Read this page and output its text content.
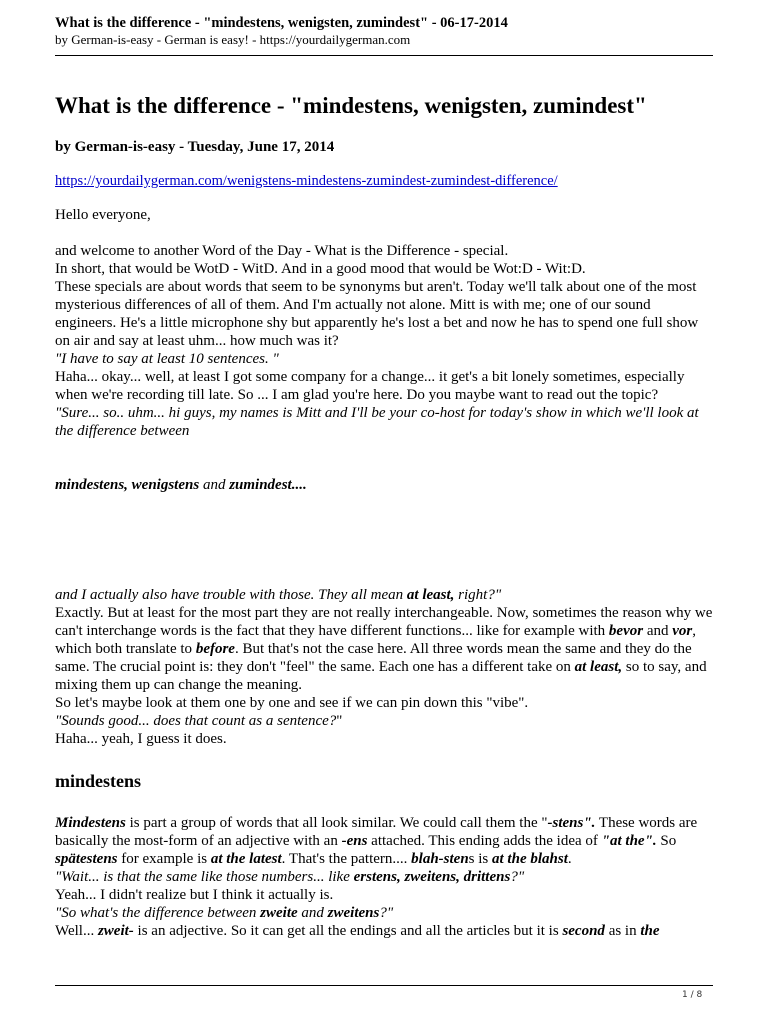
What is the difference - "mindestens, wenigsten, zumindest" - 06-17-2014
by German-is-easy - German is easy! - https://yourdailygerman.com
What is the difference - "mindestens, wenigsten, zumindest"
by German-is-easy - Tuesday, June 17, 2014
https://yourdailygerman.com/wenigstens-mindestens-zumindest-zumindest-difference/

Hello everyone,

and welcome to another Word of the Day - What is the Difference - special.

In short, that would be WotD - WitD. And in a good mood that would be Wot:D - Wit:D.

These specials are about words that seem to be synonyms but aren't. Today we'll talk about one of the most mysterious differences of all of them. And I'm actually not alone. Mitt is with me; one of our sound engineers. He's a little microphone shy but apparently he's lost a bet and now he has to spend one full show on air and say at least uhm... how much was it?

"I have to say at least 10 sentences. "

Haha... okay... well, at least I got some company for a change... it get's a bit lonely sometimes, especially when we're recording till late. So ... I am glad you're here. Do you maybe want to read out the topic?

"Sure... so.. uhm... hi guys, my names is Mitt and I'll be your co-host for today's show in which we'll look at the difference between

mindestens, wenigstens and zumindest....

and I actually also have trouble with those. They all mean at least, right?"

Exactly. But at least for the most part they are not really interchangeable. Now, sometimes the reason why we can't interchange words is the fact that they have different functions... like for example with bevor and vor, which both translate to before. But that's not the case here. All three words mean the same and they do the same. The crucial point is: they don't "feel" the same. Each one has a different take on at least, so to say, and mixing them up can change the meaning.

So let's maybe look at them one by one and see if we can pin down this "vibe".

"Sounds good... does that count as a sentence?"

Haha... yeah, I guess it does.

mindestens

Mindestens is part a group of words that all look similar. We could call them the "-stens". These words are basically the most-form of an adjective with an -ens attached. This ending adds the idea of "at the". So spätestens for example is at the latest. That's the pattern.... blah-stens is at the blahst.

"Wait... is that the same like those numbers... like erstens, zweitens, drittens?"

Yeah... I didn't realize but I think it actually is.

"So what's the difference between zweite and zweitens?"

Well... zweit- is an adjective. So it can get all the endings and all the articles but it is second as in the

1 / 8
